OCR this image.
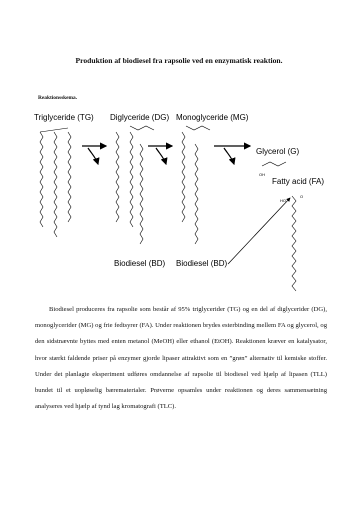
Produktion af biodiesel fra rapsolie ved en enzymatisk reaktion.
Reaktionsskema.
Triglyceride (TG) Diglyceride (DG) Monoglyceride (MG)
Glycerol (G)
Fatty acid (FA)
Biodiesel (BD) Biodiesel (BD)
OH
HO
O

Biodiesel produceres fra rapsolie som består af 95% triglycerider (TG) og en del af diglycerider (DG), monoglycerider (MG) og frie fedtsyrer (FA). Under reaktionen brydes esterbinding mellem FA og glycerol, og den sidstnævnte byttes med enten metanol (MeOH) eller ethanol (EtOH). Reaktionen kræver en katalysator, hvor stærkt faldende priser på enzymer gjorde lipaser attraktivt som en ”grøn” alternativ til kemiske stoffer. Under det planlagte eksperiment udføres omdannelse af rapsolie til biodiesel ved hjælp af lipasen (TLL) bundet til et uopløselig bærematerialer. Prøverne opsamles under reaktionen og deres sammensætning analyseres ved hjælp af tynd lag kromatografi (TLC).
